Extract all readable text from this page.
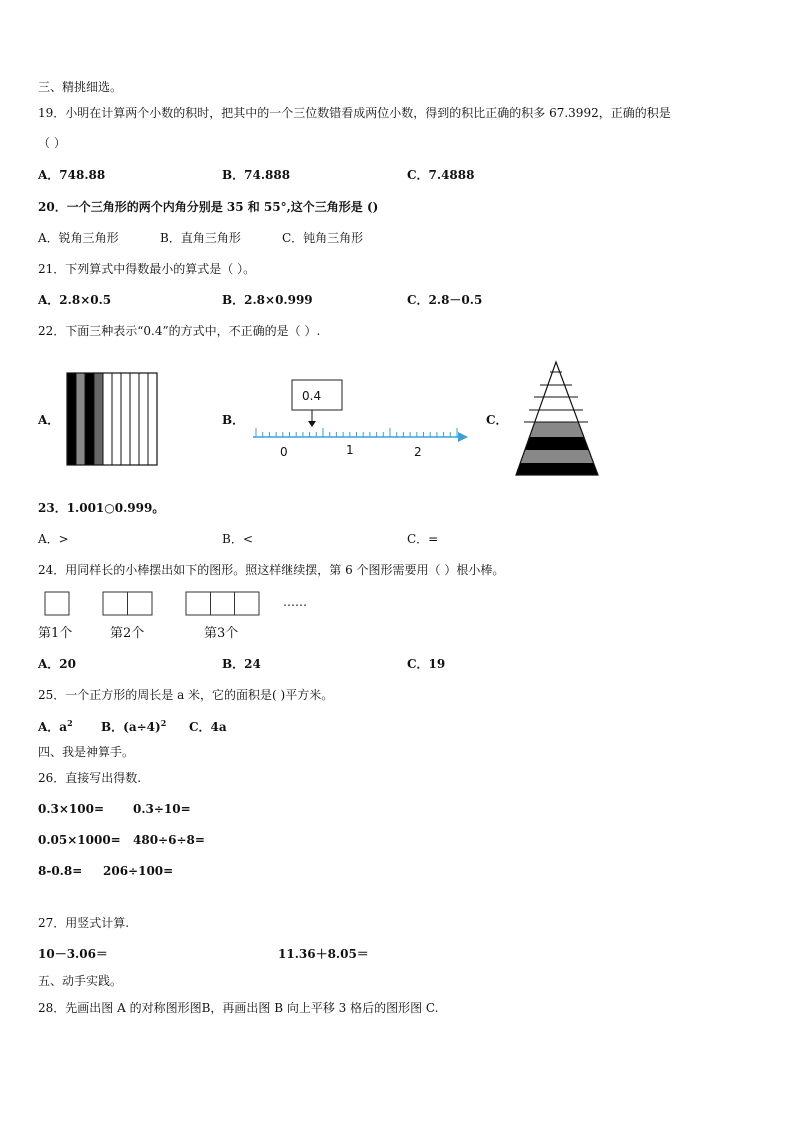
三、精挑细选。
19．小明在计算两个小数的积时，把其中的一个三位数错看成两位小数，得到的积比正确的积多 67.3992，正确的积是
（ ）
A．748.88	B．74.888	C．7.4888
20．一个三角形的两个内角分别是 35 和 55°,这个三角形是 ()
A．锐角三角形	B．直角三角形	C．钝角三角形
21．下列算式中得数最小的算式是（ ）。
A．2.8×0.5	B．2.8×0.999	C．2.8－0.5
22．下面三种表示“0.4”的方式中，不正确的是（ ）.
A．	B．
0.4
0	1	2
C．
23．1.001○0.999。
A．>	B．<	C．=
24．用同样长的小棒摆出如下的图形。照这样继续摆，第 6 个图形需要用（ ）根小棒。
……
第1个	第2个	第3个
A．20	B．24	C．19
25．一个正方形的周长是 a 米，它的面积是( )平方米。
A．$a^2$ B．$(a\div 4)^2$ C．4a
四、我是神算手。
26．直接写出得数.
0.3×100= 0.3÷10=
0.05×1000= 480÷6÷8=
8-0.8= 206÷100=
27．用竖式计算.
10－3.06＝	11.36＋8.05＝
五、动手实践。
28．先画出图 A 的对称图形图B，再画出图 B 向上平移 3 格后的图形图 C.
